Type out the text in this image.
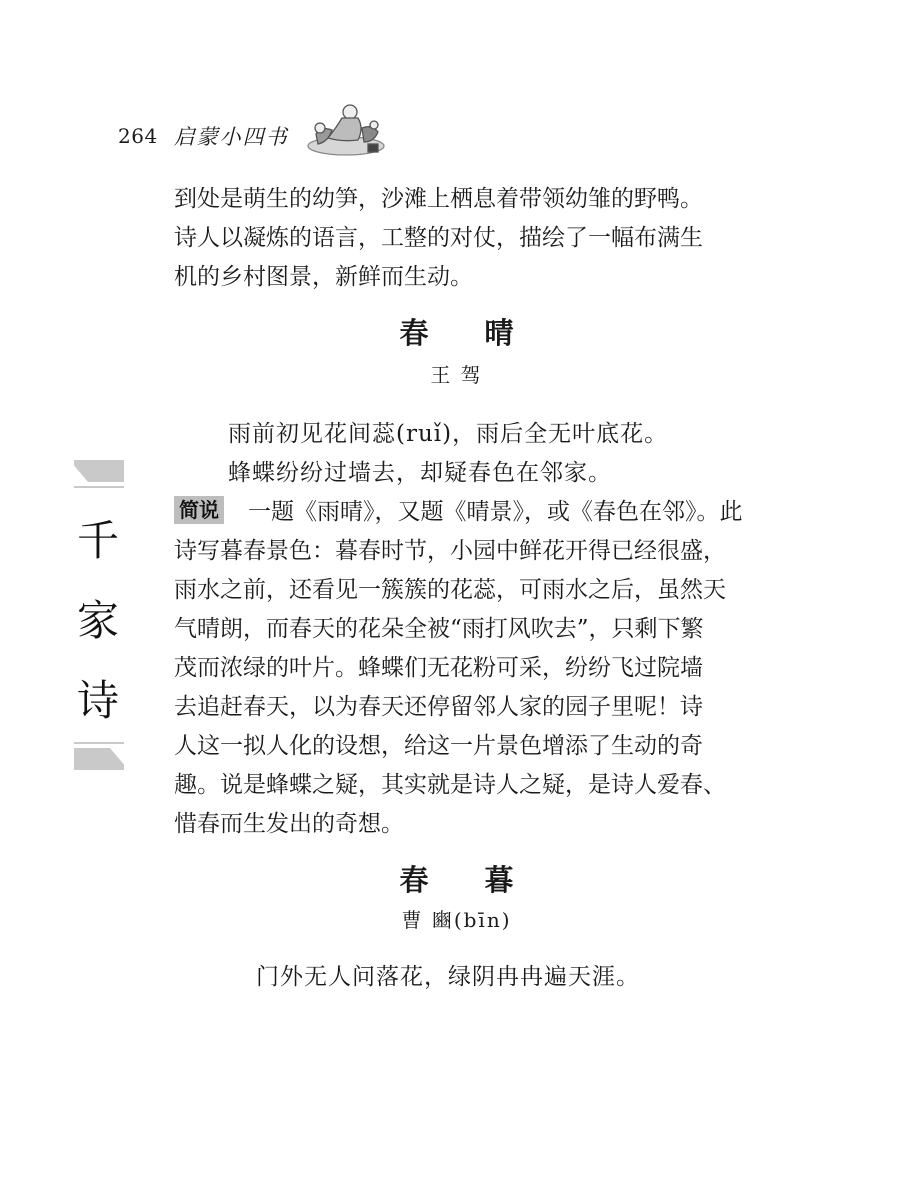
264 启蒙小四书
千
家
诗
到处是萌生的幼笋，沙滩上栖息着带领幼雏的野鸭。
诗人以凝炼的语言，工整的对仗，描绘了一幅布满生
机的乡村图景，新鲜而生动。
春晴
王 驾
雨前初见花间蕊(ruǐ)，雨后全无叶底花。
蜂蝶纷纷过墙去，却疑春色在邻家。
简说 一题《雨晴》，又题《晴景》，或《春色在邻》。此
诗写暮春景色：暮春时节，小园中鲜花开得已经很盛，
雨水之前，还看见一簇簇的花蕊，可雨水之后，虽然天
气晴朗，而春天的花朵全被“雨打风吹去”，只剩下繁
茂而浓绿的叶片。蜂蝶们无花粉可采，纷纷飞过院墙
去追赶春天，以为春天还停留邻人家的园子里呢！诗
人这一拟人化的设想，给这一片景色增添了生动的奇
趣。说是蜂蝶之疑，其实就是诗人之疑，是诗人爱春、
惜春而生发出的奇想。
春暮
曹 豳(bīn)
门外无人问落花，绿阴冉冉遍天涯。
